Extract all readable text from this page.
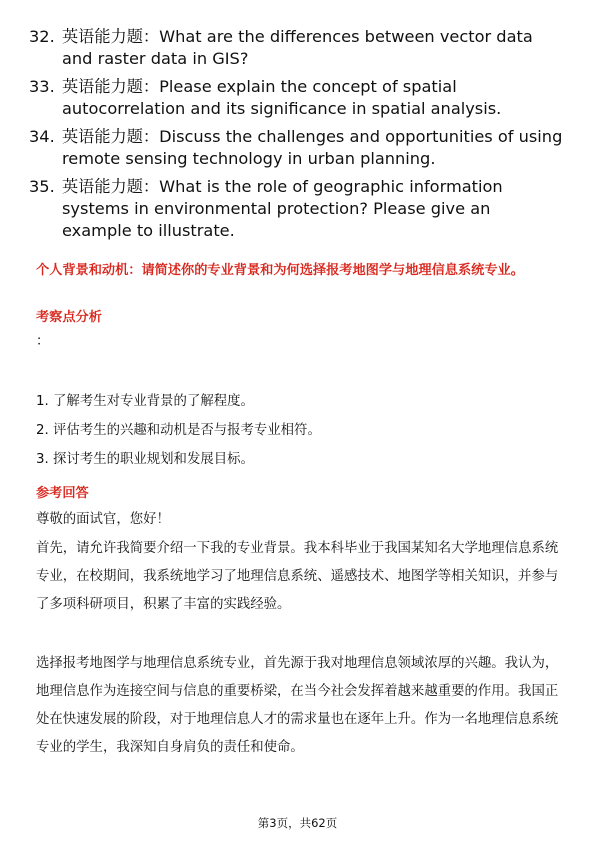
32. 英语能力题：What are the differences between vector data and raster data in GIS?
33. 英语能力题：Please explain the concept of spatial autocorrelation and its significance in spatial analysis.
34. 英语能力题：Discuss the challenges and opportunities of using remote sensing technology in urban planning.
35. 英语能力题：What is the role of geographic information systems in environmental protection? Please give an example to illustrate.
个人背景和动机：请简述你的专业背景和为何选择报考地图学与地理信息系统专业。
考察点分析
：
1. 了解考生对专业背景的了解程度。
2. 评估考生的兴趣和动机是否与报考专业相符。
3. 探讨考生的职业规划和发展目标。
参考回答
尊敬的面试官，您好！
首先，请允许我简要介绍一下我的专业背景。我本科毕业于我国某知名大学地理信息系统专业，在校期间，我系统地学习了地理信息系统、遥感技术、地图学等相关知识，并参与了多项科研项目，积累了丰富的实践经验。
选择报考地图学与地理信息系统专业，首先源于我对地理信息领域浓厚的兴趣。我认为，地理信息作为连接空间与信息的重要桥梁，在当今社会发挥着越来越重要的作用。我国正处在快速发展的阶段，对于地理信息人才的需求量也在逐年上升。作为一名地理信息系统专业的学生，我深知自身肩负的责任和使命。
第3页，共62页
